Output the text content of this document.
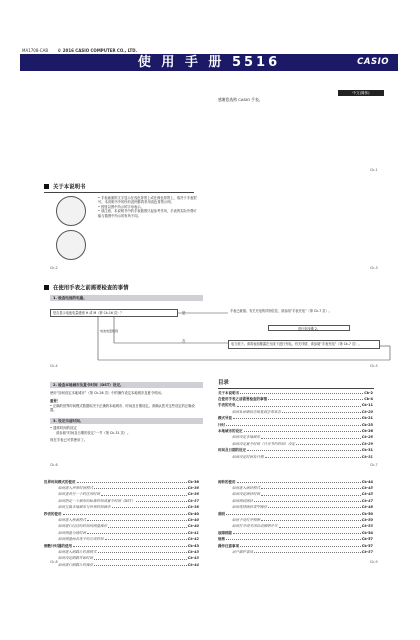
MA1708-CAB © 2016 CASIO COMPUTER CO., LTD.
使 用 手 册 5516	CASIO
中文(简体)
感谢您选购 CASIO 手表。
Ck-1
关于本说明书
• 手表画面的文字显示在浅色背景上或在深色背景上，取决于手表型号。本说明书中的所有范例都将采用浅色背景示例。
• 按钮以图中所示的字母表示。
• 请注意，本说明书中的手表插图只起参考作用，手表的实际外观可能与插图中所示的有所不同。
Ck-2	Ck-3
在使用手表之前需要检查的事情
1. 检查电池的电量。
是否显示电池电量级别 H 或 M（第 Ck-16 页）？
电池电量级别
是
否
手表已就绪。有关充电的详细信息，请参阅“手表充电”（第 Ck-7 页）。
进行到步骤 2。
电力低下。请将表面暴露在光线下进行充电。有关详情，请参阅“手表充电”（第 Ck-7 页）。
Ck-4	Ck-5
2. 检查本地城市及夏令时间（DST）设定。
使用“如何设定本地城市”（第 Ck-26 页）中的操作设定本地城市及夏令时间。
重要！
• 正确的世界时间模式数据取决于正确的本地城市、时间及日期设定。请确认您对这些设定的正确设置。
3. 设定当前时间。
• 通常时间的设定
请参阅“时间及日期的设定”一节（第 Ck-31 页）。
现在手表已可供使用了。
Ck-6
目录
关于本说明书	Ck-2
在使用手表之前需要检查的事情	Ck-4
手表的充电	Ck-11
如何从休眠状态恢复到正常状态	Ck-20
模式导览	Ck-21
计时	Ck-25
本地城市的设定	Ck-26
如何设定本地城市	Ck-26
如何设定夏令时间（日光节约时间）设定	Ck-29
时间及日期的设定	Ck-31
如何设定时间及日期	Ck-31
Ck-7
世界时间模式的使用	Ck-36
如何进入世界时间模式	Ck-36
如何查看另一个时区的时间	Ck-36
如何指定一个城市的标准时间或夏令时间（DST）	Ck-37
如何互换本地城市与世界时间城市	Ck-38
秒表的使用	Ck-40
如何进入秒表模式	Ck-40
如何进行经过的时间的测量操作	Ck-40
如何测量分段时间	Ck-41
如何测量两名选手的完成时间	Ck-42
倒数计时器的使用	Ck-43
如何进入倒数计时器模式	Ck-43
如何设定倒数开始时间	Ck-43
如何进行倒数计时操作	Ck-44
Ck-8
闹铃的使用	Ck-44
如何进入闹铃模式	Ck-45
如何设定闹铃时间	Ck-45
如何测试闹铃	Ck-47
如何选择闹铃类型操作	Ck-48
照明	Ck-50
如何手动打开照明	Ck-50
如何打开或关闭自动照明开关	Ck-53
故障排除	Ck-54
规格	Ck-57
操作注意事项	Ck-57
用户维护事项	Ck-57
Ck-9
